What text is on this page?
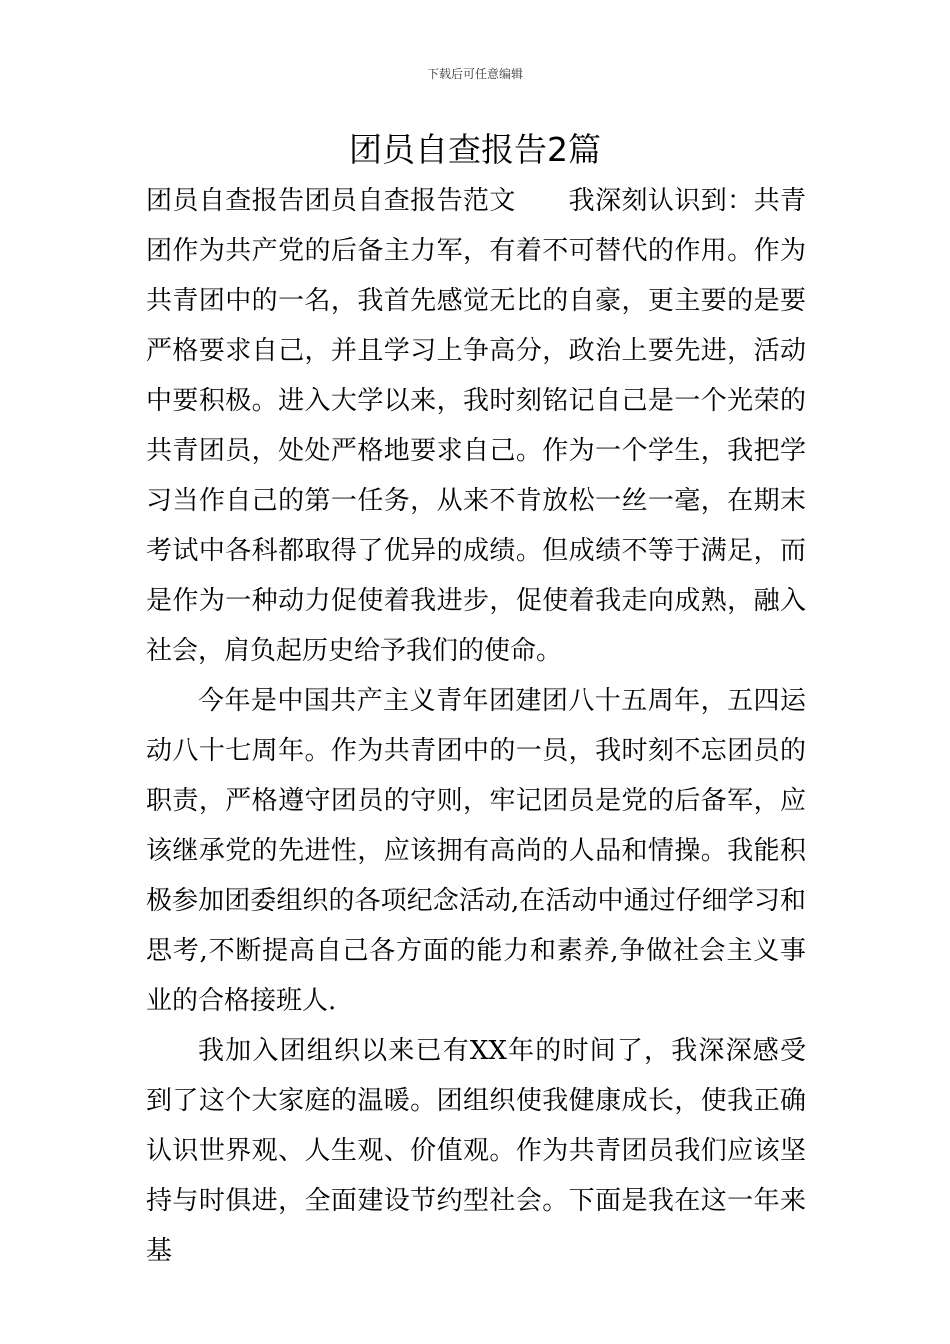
下载后可任意编辑
团员自查报告2篇

团员自查报告团员自查报告范文　　我深刻认识到：共青团作为共产党的后备主力军，有着不可替代的作用。作为共青团中的一名，我首先感觉无比的自豪，更主要的是要严格要求自己，并且学习上争高分，政治上要先进，活动中要积极。进入大学以来，我时刻铭记自己是一个光荣的共青团员，处处严格地要求自己。作为一个学生，我把学习当作自己的第一任务，从来不肯放松一丝一毫，在期末考试中各科都取得了优异的成绩。但成绩不等于满足，而是作为一种动力促使着我进步，促使着我走向成熟，融入社会，肩负起历史给予我们的使命。

今年是中国共产主义青年团建团八十五周年，五四运动八十七周年。作为共青团中的一员，我时刻不忘团员的职责，严格遵守团员的守则，牢记团员是党的后备军，应该继承党的先进性，应该拥有高尚的人品和情操。我能积极参加团委组织的各项纪念活动,在活动中通过仔细学习和思考,不断提高自己各方面的能力和素养,争做社会主义事业的合格接班人.

我加入团组织以来已有XX年的时间了，我深深感受到了这个大家庭的温暖。团组织使我健康成长，使我正确认识世界观、人生观、价值观。作为共青团员我们应该坚持与时俱进，全面建设节约型社会。下面是我在这一年来基
